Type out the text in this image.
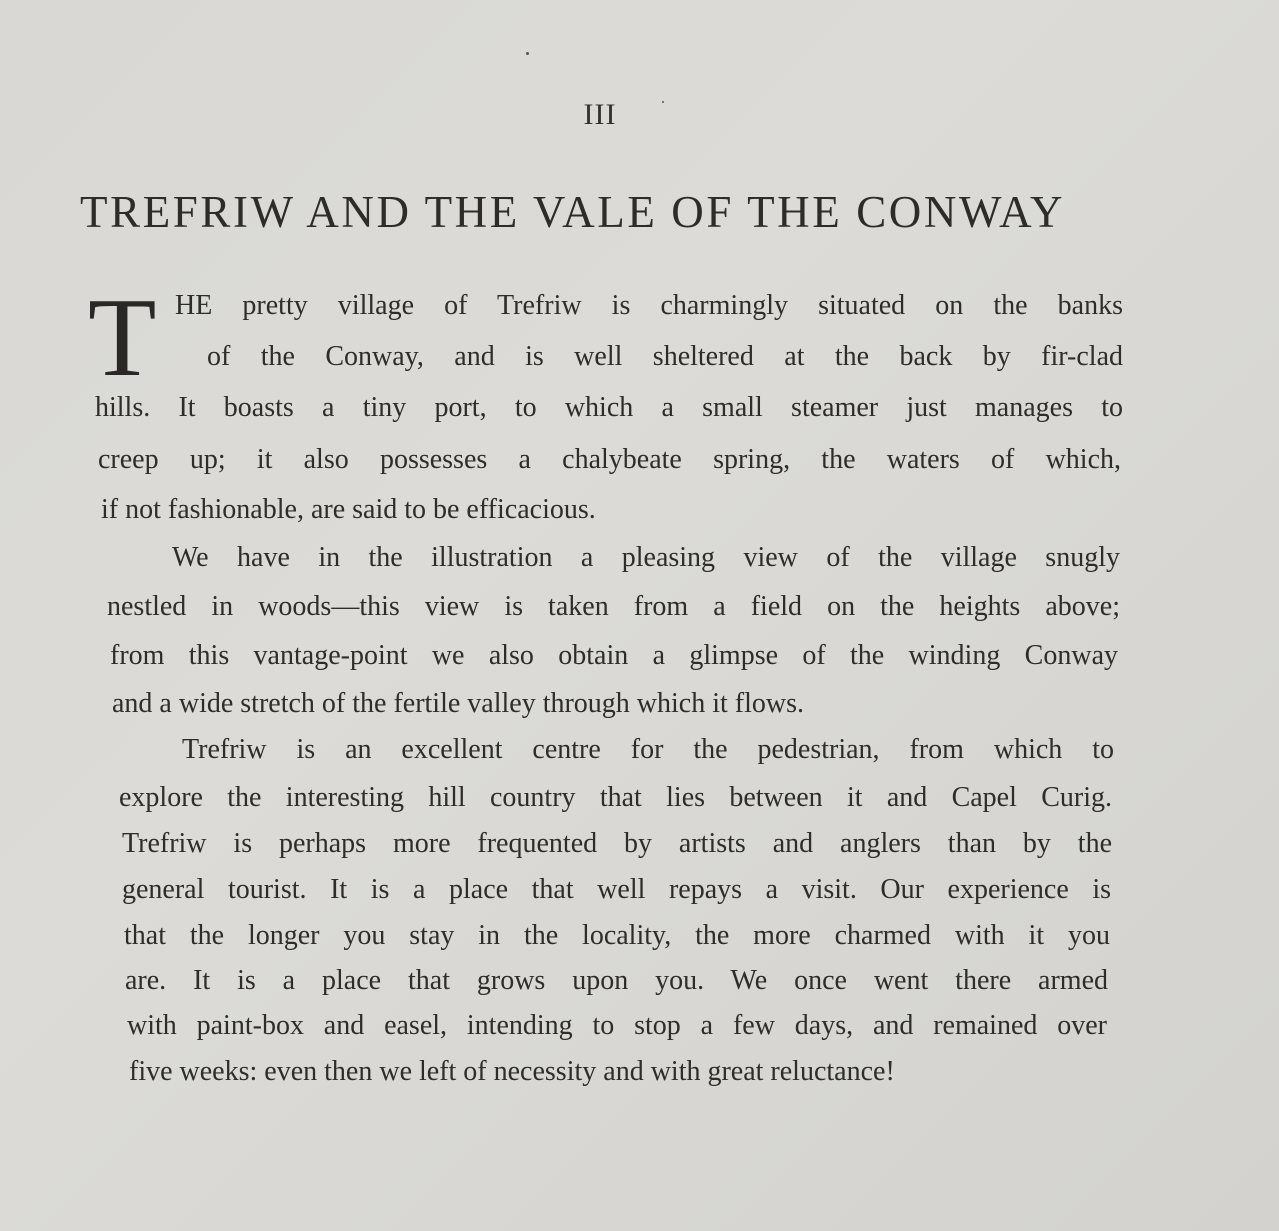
III
TREFRIW AND THE VALE OF THE CONWAY
T HE pretty village of Trefriw is charmingly situated on the banks
of the Conway, and is well sheltered at the back by fir-clad
hills. It boasts a tiny port, to which a small steamer just manages to
creep up; it also possesses a chalybeate spring, the waters of which,
if not fashionable, are said to be efficacious.
We have in the illustration a pleasing view of the village snugly
nestled in woods—this view is taken from a field on the heights above;
from this vantage-point we also obtain a glimpse of the winding Conway
and a wide stretch of the fertile valley through which it flows.
Trefriw is an excellent centre for the pedestrian, from which to
explore the interesting hill country that lies between it and Capel Curig.
Trefriw is perhaps more frequented by artists and anglers than by the
general tourist. It is a place that well repays a visit. Our experience is
that the longer you stay in the locality, the more charmed with it you
are. It is a place that grows upon you. We once went there armed
with paint-box and easel, intending to stop a few days, and remained over
five weeks: even then we left of necessity and with great reluctance!
